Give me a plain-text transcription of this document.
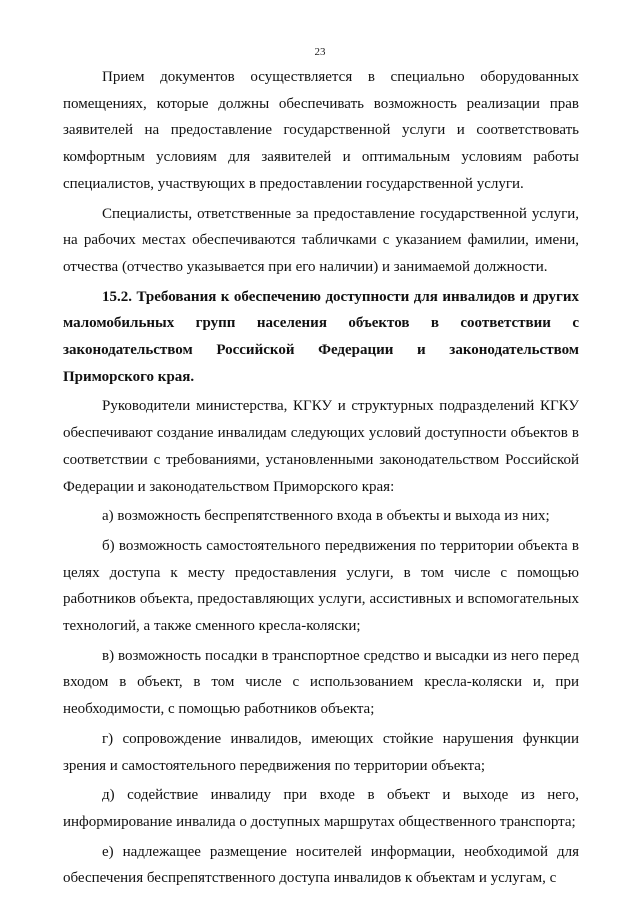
23

Прием документов осуществляется в специально оборудованных помещениях, которые должны обеспечивать возможность реализации прав заявителей на предоставление государственной услуги и соответствовать комфортным условиям для заявителей и оптимальным условиям работы специалистов, участвующих в предоставлении государственной услуги.

Специалисты, ответственные за предоставление государственной услуги, на рабочих местах обеспечиваются табличками с указанием фамилии, имени, отчества (отчество указывается при его наличии) и занимаемой должности.

15.2. Требования к обеспечению доступности для инвалидов и других маломобильных групп населения объектов в соответствии с законодательством Российской Федерации и законодательством Приморского края.

Руководители министерства, КГКУ и структурных подразделений КГКУ обеспечивают создание инвалидам следующих условий доступности объектов в соответствии с требованиями, установленными законодательством Российской Федерации и законодательством Приморского края:

а) возможность беспрепятственного входа в объекты и выхода из них;

б) возможность самостоятельного передвижения по территории объекта в целях доступа к месту предоставления услуги, в том числе с помощью работников объекта, предоставляющих услуги, ассистивных и вспомогательных технологий, а также сменного кресла-коляски;

в) возможность посадки в транспортное средство и высадки из него перед входом в объект, в том числе с использованием кресла-коляски и, при необходимости, с помощью работников объекта;

г) сопровождение инвалидов, имеющих стойкие нарушения функции зрения и самостоятельного передвижения по территории объекта;

д) содействие инвалиду при входе в объект и выходе из него, информирование инвалида о доступных маршрутах общественного транспорта;

е) надлежащее размещение носителей информации, необходимой для обеспечения беспрепятственного доступа инвалидов к объектам и услугам, с
